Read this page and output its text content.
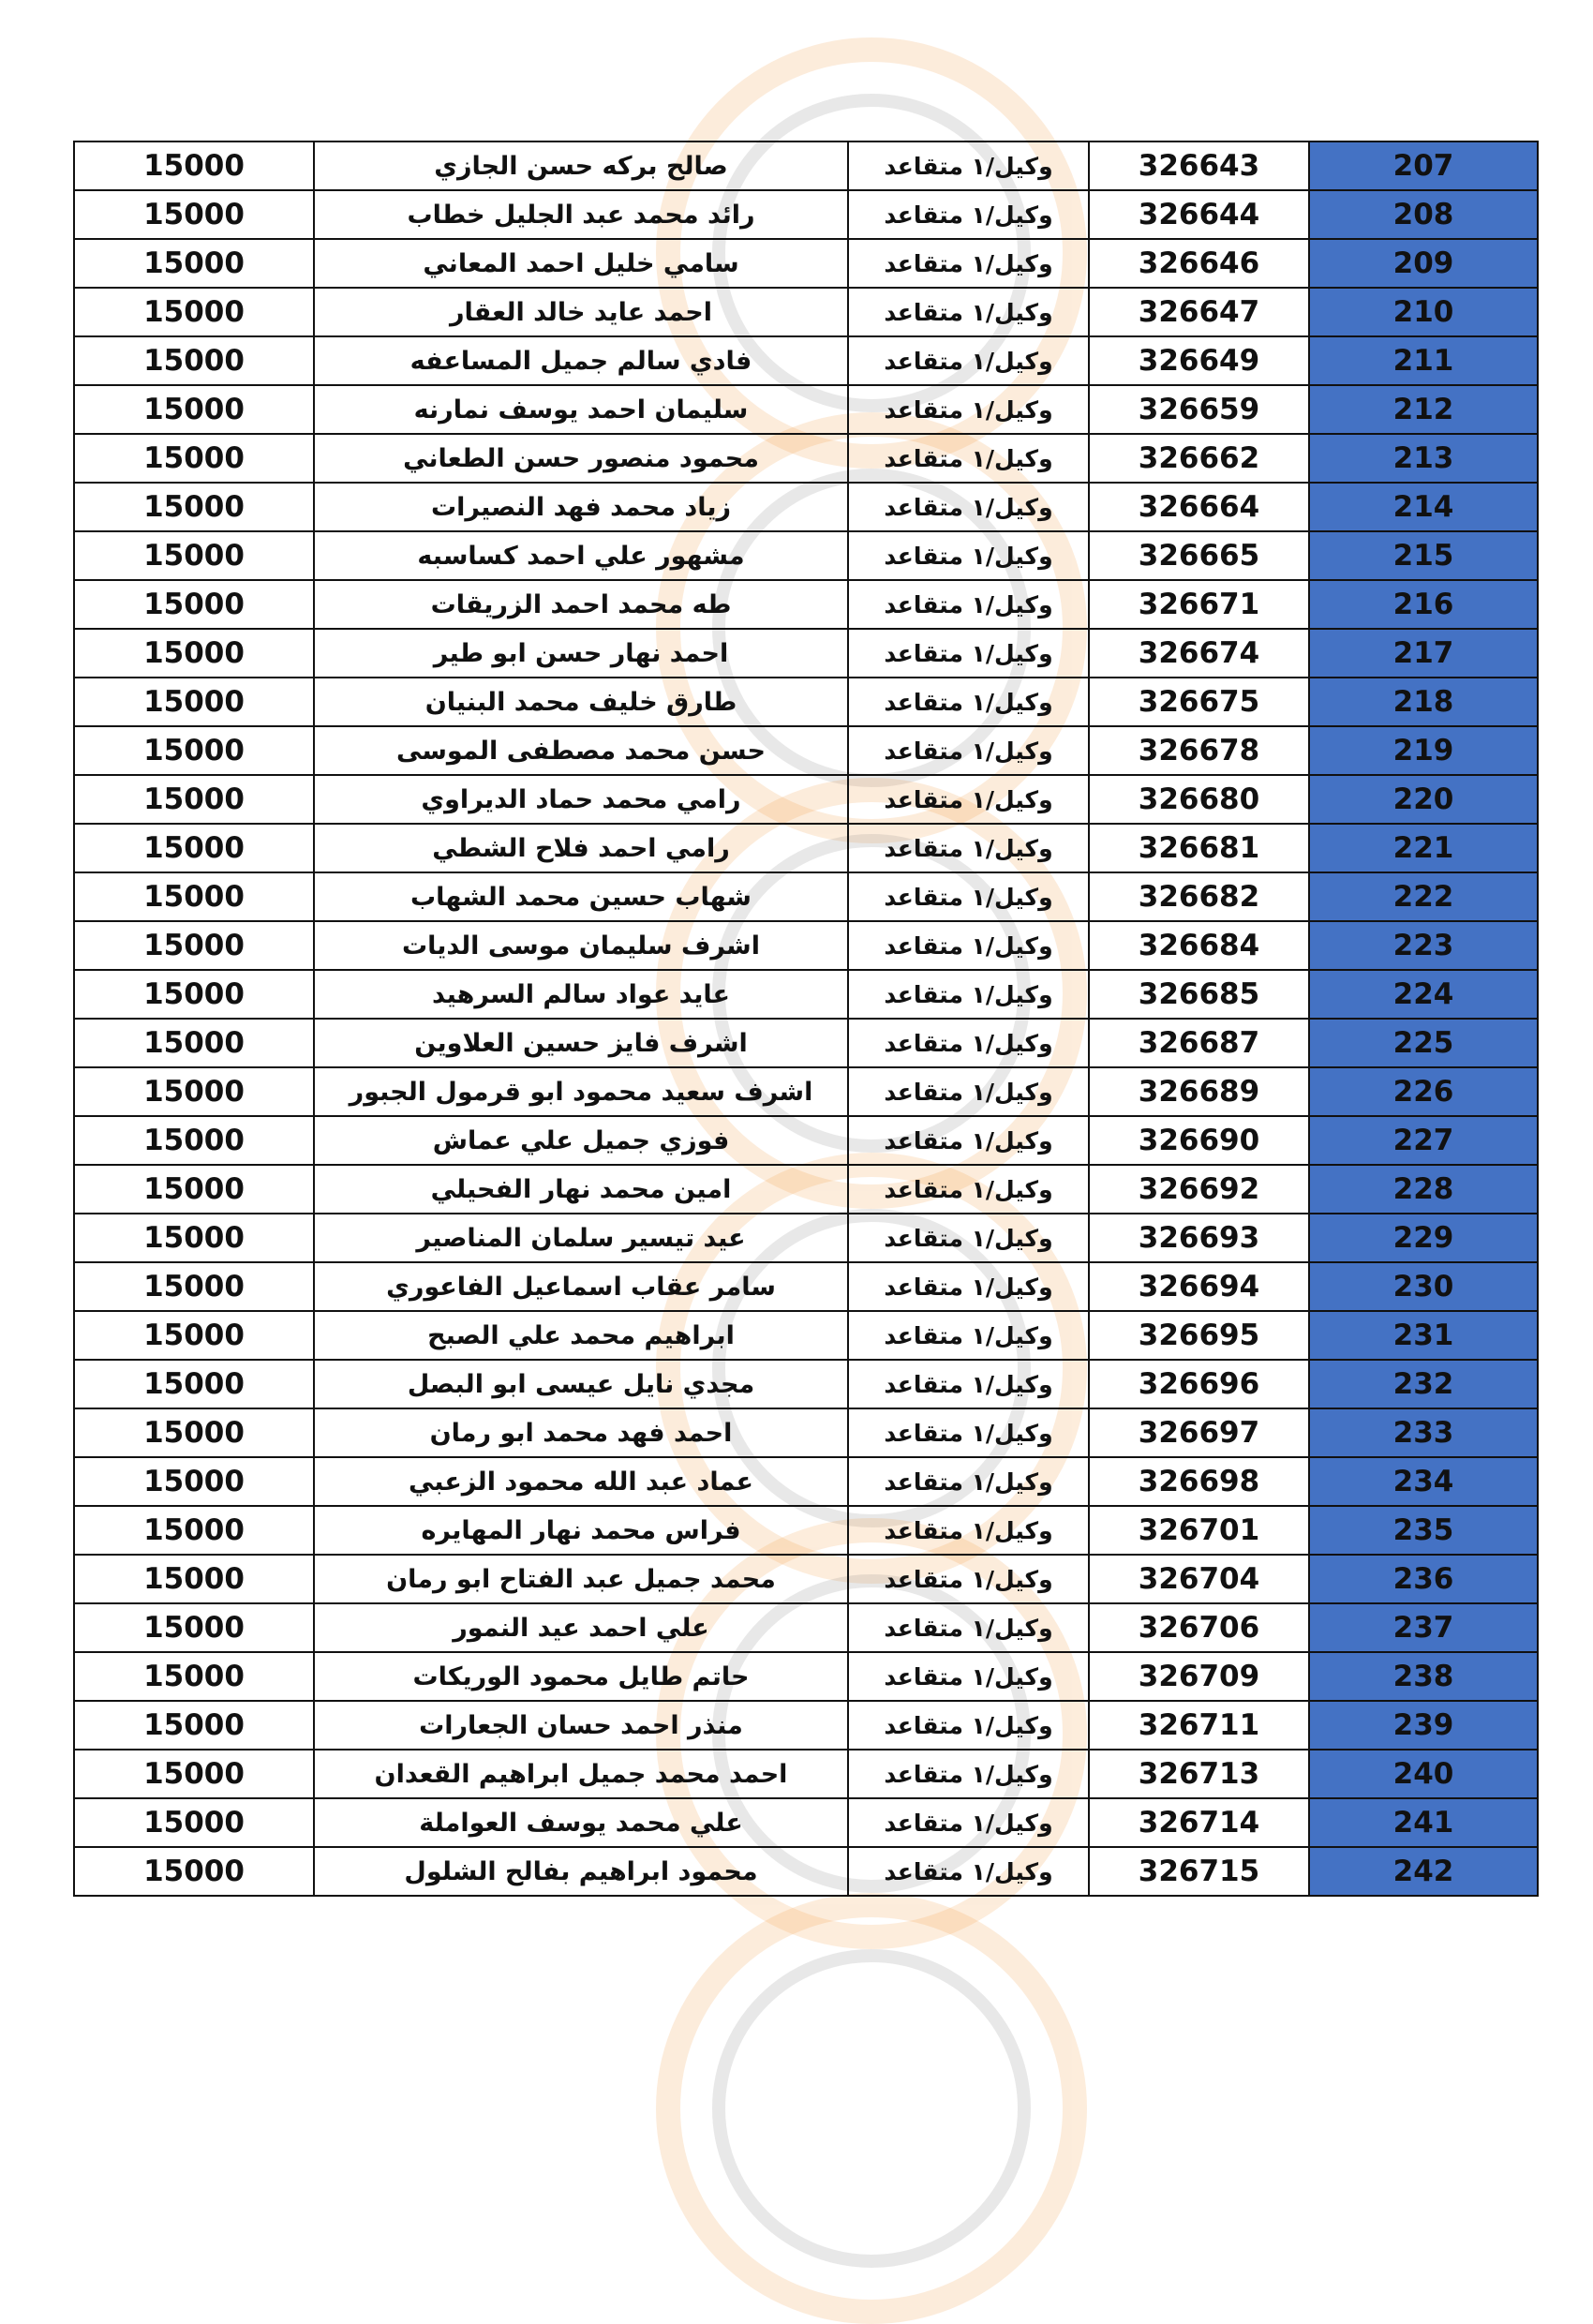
15000	صالح بركه حسن الجازي	وكيل/١ متقاعد	326643	207
15000	رائد محمد عبد الجليل خطاب	وكيل/١ متقاعد	326644	208
15000	سامي خليل احمد المعاني	وكيل/١ متقاعد	326646	209
15000	احمد عايد خالد العقار	وكيل/١ متقاعد	326647	210
15000	فادي سالم جميل المساعفه	وكيل/١ متقاعد	326649	211
15000	سليمان احمد يوسف نمارنه	وكيل/١ متقاعد	326659	212
15000	محمود منصور حسن الطعاني	وكيل/١ متقاعد	326662	213
15000	زياد محمد فهد النصيرات	وكيل/١ متقاعد	326664	214
15000	مشهور علي احمد كساسبه	وكيل/١ متقاعد	326665	215
15000	طه محمد احمد الزريقات	وكيل/١ متقاعد	326671	216
15000	احمد نهار حسن ابو طير	وكيل/١ متقاعد	326674	217
15000	طارق خليف محمد البنيان	وكيل/١ متقاعد	326675	218
15000	حسن محمد مصطفى الموسى	وكيل/١ متقاعد	326678	219
15000	رامي محمد حماد الديراوي	وكيل/١ متقاعد	326680	220
15000	رامي احمد فلاح الشطي	وكيل/١ متقاعد	326681	221
15000	شهاب حسين محمد الشهاب	وكيل/١ متقاعد	326682	222
15000	اشرف سليمان موسى الديات	وكيل/١ متقاعد	326684	223
15000	عايد عواد سالم السرهيد	وكيل/١ متقاعد	326685	224
15000	اشرف فايز حسين العلاوين	وكيل/١ متقاعد	326687	225
15000	اشرف سعيد محمود ابو قرمول الجبور	وكيل/١ متقاعد	326689	226
15000	فوزي جميل علي عماش	وكيل/١ متقاعد	326690	227
15000	امين محمد نهار الفحيلي	وكيل/١ متقاعد	326692	228
15000	عيد تيسير سلمان المناصير	وكيل/١ متقاعد	326693	229
15000	سامر عقاب اسماعيل الفاعوري	وكيل/١ متقاعد	326694	230
15000	ابراهيم محمد علي الصبح	وكيل/١ متقاعد	326695	231
15000	مجدي نايل عيسى ابو البصل	وكيل/١ متقاعد	326696	232
15000	احمد فهد محمد ابو رمان	وكيل/١ متقاعد	326697	233
15000	عماد عبد الله محمود الزعبي	وكيل/١ متقاعد	326698	234
15000	فراس محمد نهار المهايره	وكيل/١ متقاعد	326701	235
15000	محمد جميل عبد الفتاح ابو رمان	وكيل/١ متقاعد	326704	236
15000	علي احمد عيد النمور	وكيل/١ متقاعد	326706	237
15000	حاتم طايل محمود الوريكات	وكيل/١ متقاعد	326709	238
15000	منذر احمد حسان الجعارات	وكيل/١ متقاعد	326711	239
15000	احمد محمد جميل ابراهيم القعدان	وكيل/١ متقاعد	326713	240
15000	علي محمد يوسف العواملة	وكيل/١ متقاعد	326714	241
15000	محمود ابراهيم بفالح الشلول	وكيل/١ متقاعد	326715	242
